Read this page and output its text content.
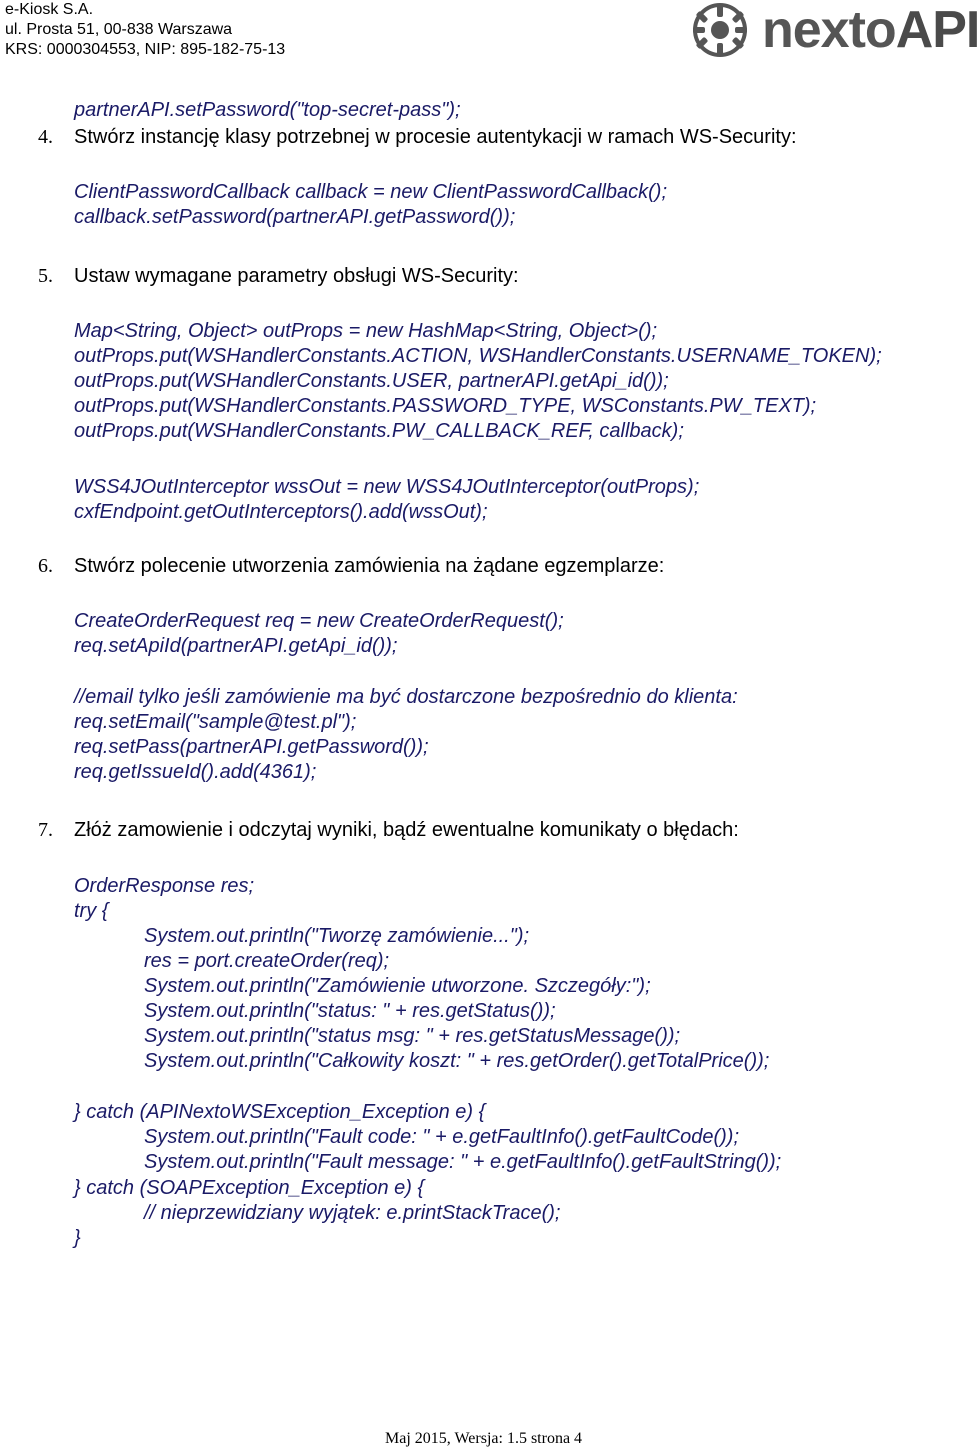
e-Kiosk S.A.
ul. Prosta 51, 00-838 Warszawa
KRS: 0000304553, NIP: 895-182-75-13	nextoAPI
partnerAPI.setPassword("top-secret-pass");
4. Stwórz instancję klasy potrzebnej w procesie autentykacji w ramach WS-Security:
ClientPasswordCallback callback = new ClientPasswordCallback();
callback.setPassword(partnerAPI.getPassword());
5. Ustaw wymagane parametry obsługi WS-Security:
Map<String, Object> outProps = new HashMap<String, Object>();
outProps.put(WSHandlerConstants.ACTION, WSHandlerConstants.USERNAME_TOKEN);
outProps.put(WSHandlerConstants.USER, partnerAPI.getApi_id());
outProps.put(WSHandlerConstants.PASSWORD_TYPE, WSConstants.PW_TEXT);
outProps.put(WSHandlerConstants.PW_CALLBACK_REF, callback);
WSS4JOutInterceptor wssOut = new WSS4JOutInterceptor(outProps);
cxfEndpoint.getOutInterceptors().add(wssOut);
6. Stwórz polecenie utworzenia zamówienia na żądane egzemplarze:
CreateOrderRequest req = new CreateOrderRequest();
req.setApiId(partnerAPI.getApi_id());
//email tylko jeśli zamówienie ma być dostarczone bezpośrednio do klienta:
req.setEmail("sample@test.pl");
req.setPass(partnerAPI.getPassword());
req.getIssueId().add(4361);
7. Złóż zamowienie i odczytaj wyniki, bądź ewentualne komunikaty o błędach:
OrderResponse res;
try {
System.out.println("Tworzę zamówienie...");
res = port.createOrder(req);
System.out.println("Zamówienie utworzone. Szczegóły:");
System.out.println("status: " + res.getStatus());
System.out.println("status msg: " + res.getStatusMessage());
System.out.println("Całkowity koszt: " + res.getOrder().getTotalPrice());
} catch (APINextoWSException_Exception e) {
System.out.println("Fault code: " + e.getFaultInfo().getFaultCode());
System.out.println("Fault message: " + e.getFaultInfo().getFaultString());
} catch (SOAPException_Exception e) {
// nieprzewidziany wyjątek: e.printStackTrace();
}
Maj 2015, Wersja: 1.5 strona 4
